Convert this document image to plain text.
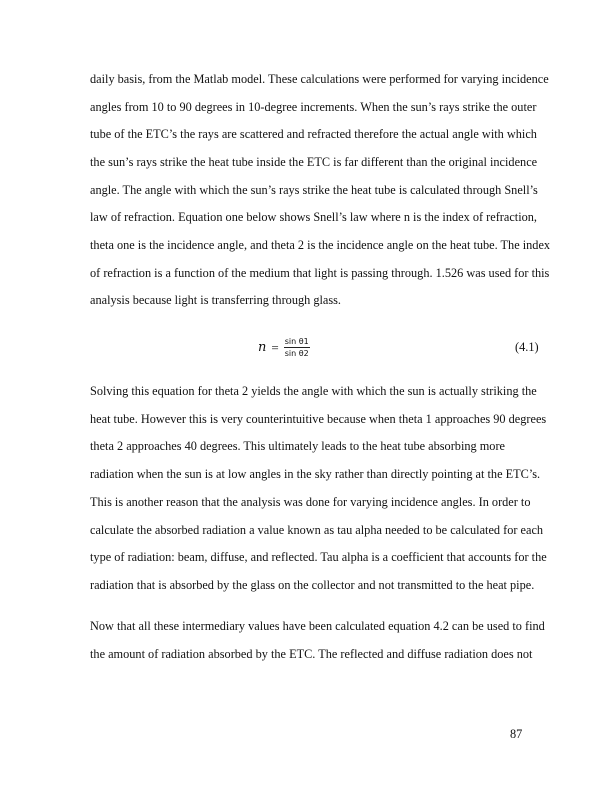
daily basis, from the Matlab model. These calculations were performed for varying incidence
angles from 10 to 90 degrees in 10-degree increments. When the sun’s rays strike the outer
tube of the ETC’s the rays are scattered and refracted therefore the actual angle with which
the sun’s rays strike the heat tube inside the ETC is far different than the original incidence
angle. The angle with which the sun’s rays strike the heat tube is calculated through Snell’s
law of refraction. Equation one below shows Snell’s law where n is the index of refraction,
theta one is the incidence angle, and theta 2 is the incidence angle on the heat tube. The index
of refraction is a function of the medium that light is passing through. 1.526 was used for this
analysis because light is transferring through glass.
$n = \frac{\text{sin θ1}}{\text{sin θ2}}$	(4.1)
Solving this equation for theta 2 yields the angle with which the sun is actually striking the
heat tube. However this is very counterintuitive because when theta 1 approaches 90 degrees
theta 2 approaches 40 degrees. This ultimately leads to the heat tube absorbing more
radiation when the sun is at low angles in the sky rather than directly pointing at the ETC’s.
This is another reason that the analysis was done for varying incidence angles. In order to
calculate the absorbed radiation a value known as tau alpha needed to be calculated for each
type of radiation: beam, diffuse, and reflected. Tau alpha is a coefficient that accounts for the
radiation that is absorbed by the glass on the collector and not transmitted to the heat pipe.
Now that all these intermediary values have been calculated equation 4.2 can be used to find
the amount of radiation absorbed by the ETC. The reflected and diffuse radiation does not
87
